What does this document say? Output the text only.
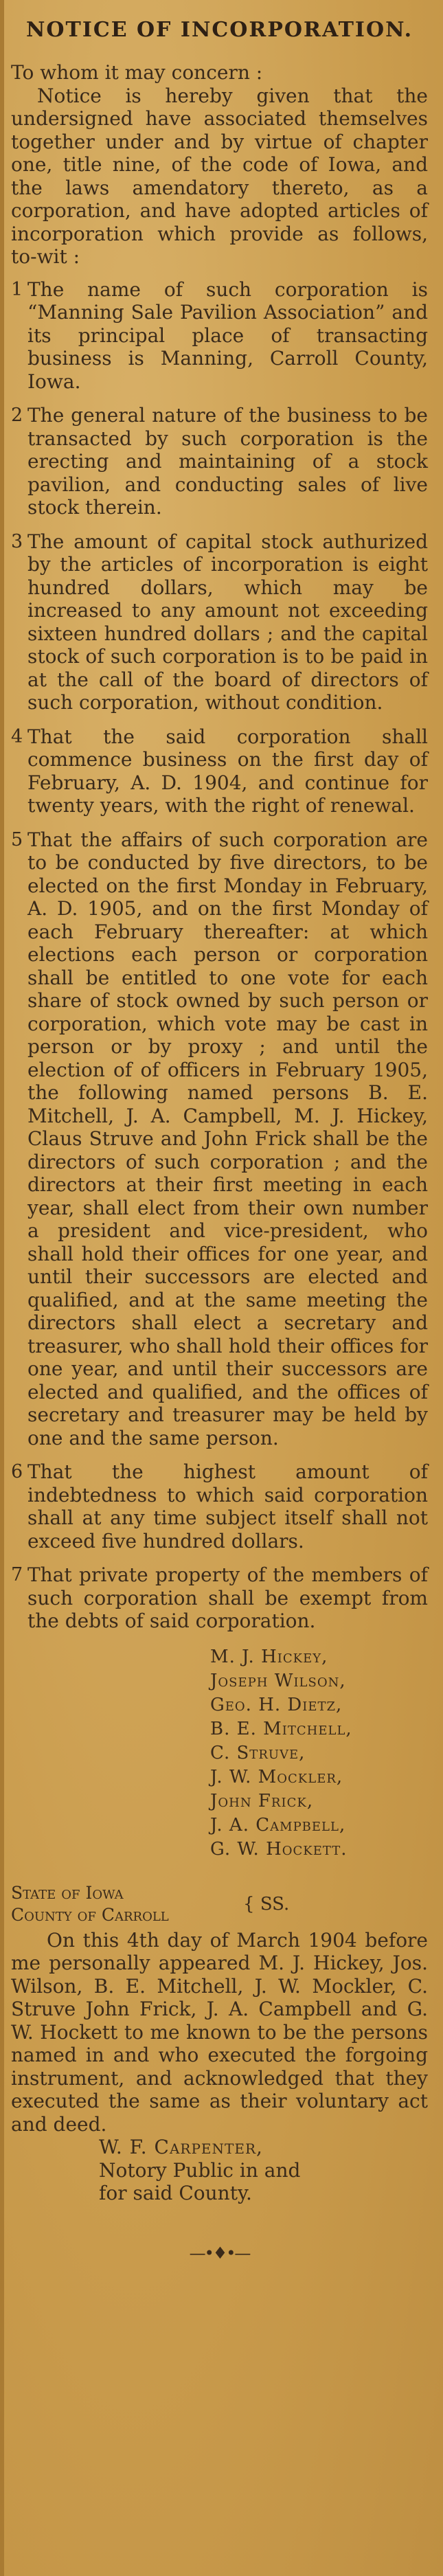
NOTICE OF INCORPORATION.

To whom it may concern :

Notice is hereby given that the undersigned have associated themselves together under and by virtue of chapter one, title nine, of the code of Iowa, and the laws amendatory thereto, as a corporation, and have adopted articles of incorporation which provide as follows, to-wit :

1 The name of such corporation is “Manning Sale Pavilion Association” and its principal place of transacting business is Manning, Carroll County, Iowa.
2 The general nature of the business to be transacted by such corporation is the erecting and maintaining of a stock pavilion, and conducting sales of live stock therein.
3 The amount of capital stock authurized by the articles of incorporation is eight hundred dollars, which may be increased to any amount not exceeding sixteen hundred dollars ; and the capital stock of such corporation is to be paid in at the call of the board of directors of such corporation, without condition.
4 That the said corporation shall commence business on the first day of February, A. D. 1904, and continue for twenty years, with the right of renewal.
5 That the affairs of such corporation are to be conducted by five directors, to be elected on the first Monday in February, A. D. 1905, and on the first Monday of each February thereafter: at which elections each person or corporation shall be entitled to one vote for each share of stock owned by such person or corporation, which vote may be cast in person or by proxy ; and until the election of of officers in February 1905, the following named persons B. E. Mitchell, J. A. Campbell, M. J. Hickey, Claus Struve and John Frick shall be the directors of such corporation ; and the directors at their first meeting in each year, shall elect from their own number a president and vice-president, who shall hold their offices for one year, and until their successors are elected and qualified, and at the same meeting the directors shall elect a secretary and treasurer, who shall hold their offices for one year, and until their successors are elected and qualified, and the offices of secretary and treasurer may be held by one and the same person.
6 That the highest amount of indebtedness to which said corporation shall at any time subject itself shall not exceed five hundred dollars.
7 That private property of the members of such corporation shall be exempt from the debts of said corporation.
M. J. Hickey,
Joseph Wilson,
Geo. H. Dietz,
B. E. Mitchell,
C. Struve,
J. W. Mockler,
John Frick,
J. A. Campbell,
G. W. Hockett.
State of Iowa
County of Carroll
{ SS.

On this 4th day of March 1904 before me personally appeared M. J. Hickey, Jos. Wilson, B. E. Mitchell, J. W. Mockler, C. Struve John Frick, J. A. Campbell and G. W. Hockett to me known to be the persons named in and who executed the forgoing instrument, and acknowledged that they executed the same as their voluntary act and deed.

W. F. Carpenter,
Notory Public in and
for said County.
—•♦•—
